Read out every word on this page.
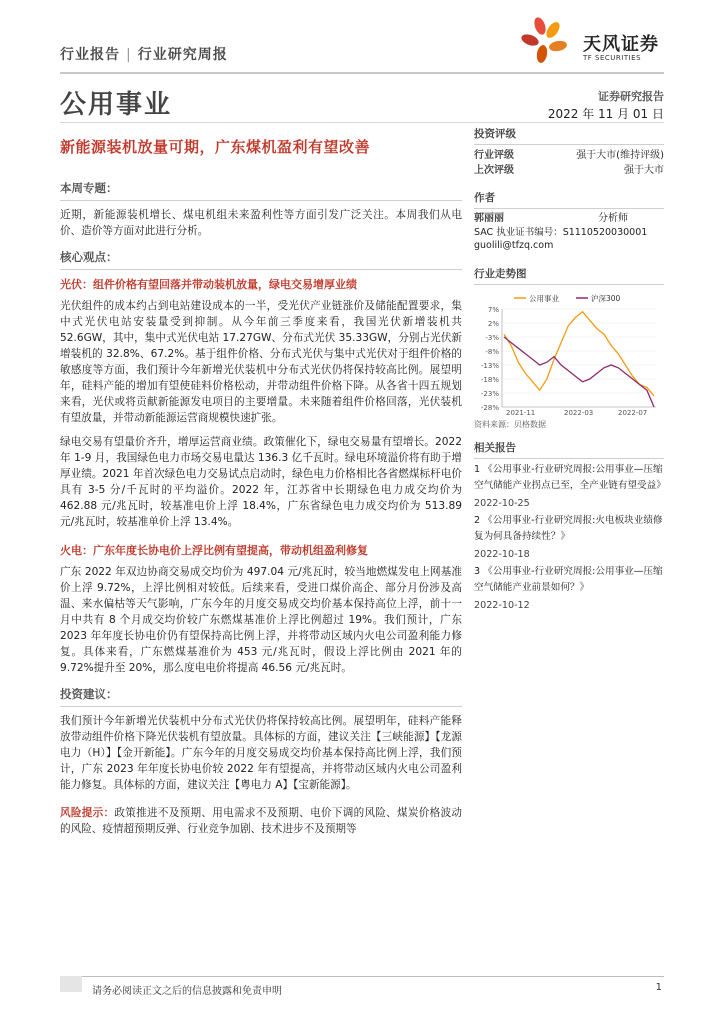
行业报告 | 行业研究周报	天风证券
TF SECURITIES
公用事业	证券研究报告
2022 年 11 月 01 日
新能源装机放量可期，广东煤机盈利有望改善
本周专题：
近期，新能源装机增长、煤电机组未来盈利性等方面引发广泛关注。本周我们从电价、造价等方面对此进行分析。
核心观点：
光伏：组件价格有望回落并带动装机放量，绿电交易增厚业绩
光伏组件的成本约占到电站建设成本的一半，受光伏产业链涨价及储能配置要求，集中式光伏电站安装量受到抑制。从今年前三季度来看，我国光伏新增装机共 52.6GW，其中，集中式光伏电站 17.27GW、分布式光伏 35.33GW，分别占光伏新增装机的 32.8%、67.2%。基于组件价格、分布式光伏与集中式光伏对于组件价格的敏感度等方面，我们预计今年新增光伏装机中分布式光伏仍将保持较高比例。展望明年，硅料产能的增加有望使硅料价格松动，并带动组件价格下降。从各省十四五规划来看，光伏或将贡献新能源发电项目的主要增量。未来随着组件价格回落，光伏装机有望放量，并带动新能源运营商规模快速扩张。
绿电交易有望量价齐升，增厚运营商业绩。政策催化下，绿电交易量有望增长。2022 年 1-9 月，我国绿色电力市场交易电量达 136.3 亿千瓦时。绿电环境溢价将有助于增厚业绩。2021 年首次绿色电力交易试点启动时，绿色电力价格相比各省燃煤标杆电价具有 3-5 分/千瓦时的平均溢价。2022 年，江苏省中长期绿色电力成交均价为 462.88 元/兆瓦时，较基准电价上浮 18.4%，广东省绿色电力成交均价为 513.89 元/兆瓦时，较基准单价上浮 13.4%。
火电：广东年度长协电价上浮比例有望提高，带动机组盈利修复
广东 2022 年双边协商交易成交均价为 497.04 元/兆瓦时，较当地燃煤发电上网基准价上浮 9.72%，上浮比例相对较低。后续来看，受进口煤价高企、部分月份涉及高温、来水偏枯等天气影响，广东今年的月度交易成交均价基本保持高位上浮，前十一月中共有 8 个月成交均价较广东燃煤基准价上浮比例超过 19%。我们预计，广东 2023 年年度长协电价仍有望保持高比例上浮，并将带动区域内火电公司盈利能力修复。具体来看，广东燃煤基准价为 453 元/兆瓦时，假设上浮比例由 2021 年的 9.72%提升至 20%，那么度电电价将提高 46.56 元/兆瓦时。
投资建议：
我们预计今年新增光伏装机中分布式光伏仍将保持较高比例。展望明年，硅料产能释放带动组件价格下降光伏装机有望放量。具体标的方面，建议关注【三峡能源】【龙源电力（H）】【金开新能】。广东今年的月度交易成交均价基本保持高比例上浮，我们预计，广东 2023 年年度长协电价较 2022 年有望提高，并将带动区域内火电公司盈利能力修复。具体标的方面，建议关注【粤电力 A】【宝新能源】。
风险提示：政策推进不及预期、用电需求不及预期、电价下调的风险、煤炭价格波动的风险、疫情超预期反弹、行业竞争加剧、技术进步不及预期等
投资评级
行业评级	强于大市(维持评级)
上次评级	强于大市
作者
郭丽丽	分析师
SAC 执业证书编号：S1110520030001
guolili@tfzq.com
行业走势图
7%
2%
-3%
-8%
-13%
-18%
-23%
-28%
2021-11	2022-03	2022-07
公用事业	沪深300
资料来源：贝格数据
相关报告
1 《公用事业-行业研究周报:公用事业—压缩空气储能产业拐点已至，全产业链有望受益》
2022-10-25
2 《公用事业-行业研究周报:火电板块业绩修复为何具备持续性？》
2022-10-18
3 《公用事业-行业研究周报:公用事业—压缩空气储能产业前景如何？》
2022-10-12
请务必阅读正文之后的信息披露和免责申明	1
